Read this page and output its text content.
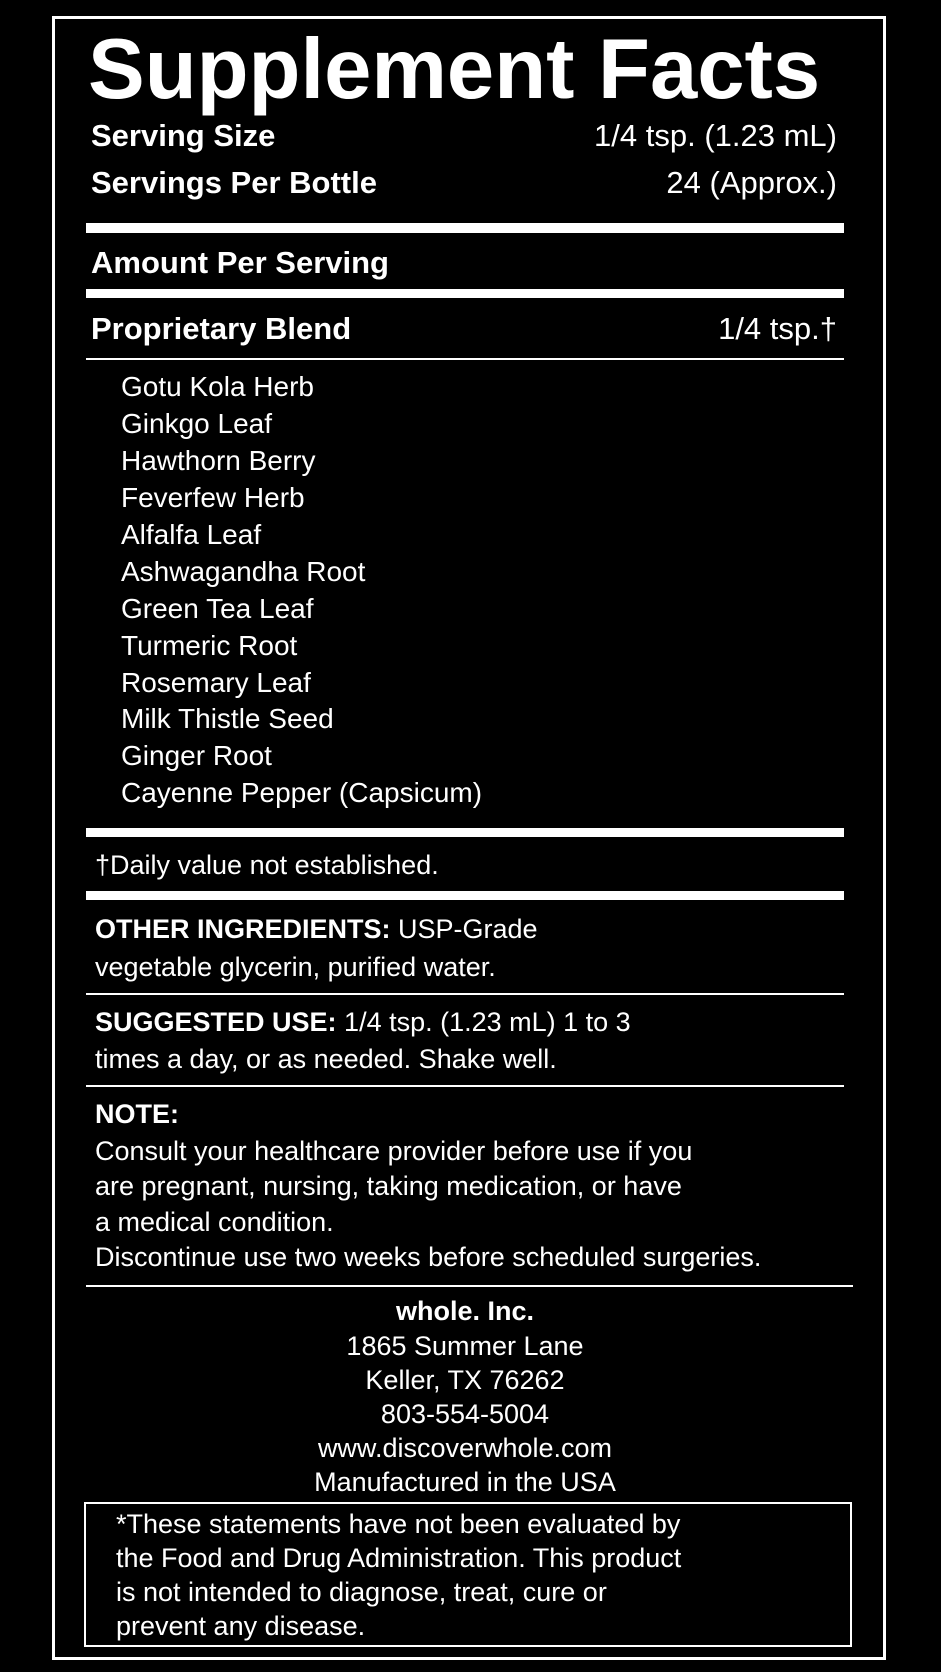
Supplement Facts
Serving Size	1/4 tsp. (1.23 mL)
Servings Per Bottle	24 (Approx.)
Amount Per Serving
Proprietary Blend	1/4 tsp.†
Gotu Kola Herb
Ginkgo Leaf
Hawthorn Berry
Feverfew Herb
Alfalfa Leaf
Ashwagandha Root
Green Tea Leaf
Turmeric Root
Rosemary Leaf
Milk Thistle Seed
Ginger Root
Cayenne Pepper (Capsicum)
†Daily value not established.
OTHER INGREDIENTS: USP-Grade
vegetable glycerin, purified water.
SUGGESTED USE: 1/4 tsp. (1.23 mL) 1 to 3
times a day, or as needed. Shake well.
NOTE:
Consult your healthcare provider before use if you
are pregnant, nursing, taking medication, or have
a medical condition.
Discontinue use two weeks before scheduled surgeries.
whole. Inc.
1865 Summer Lane
Keller, TX 76262
803-554-5004
www.discoverwhole.com
Manufactured in the USA
*These statements have not been evaluated by
the Food and Drug Administration. This product
is not intended to diagnose, treat, cure or
prevent any disease.
